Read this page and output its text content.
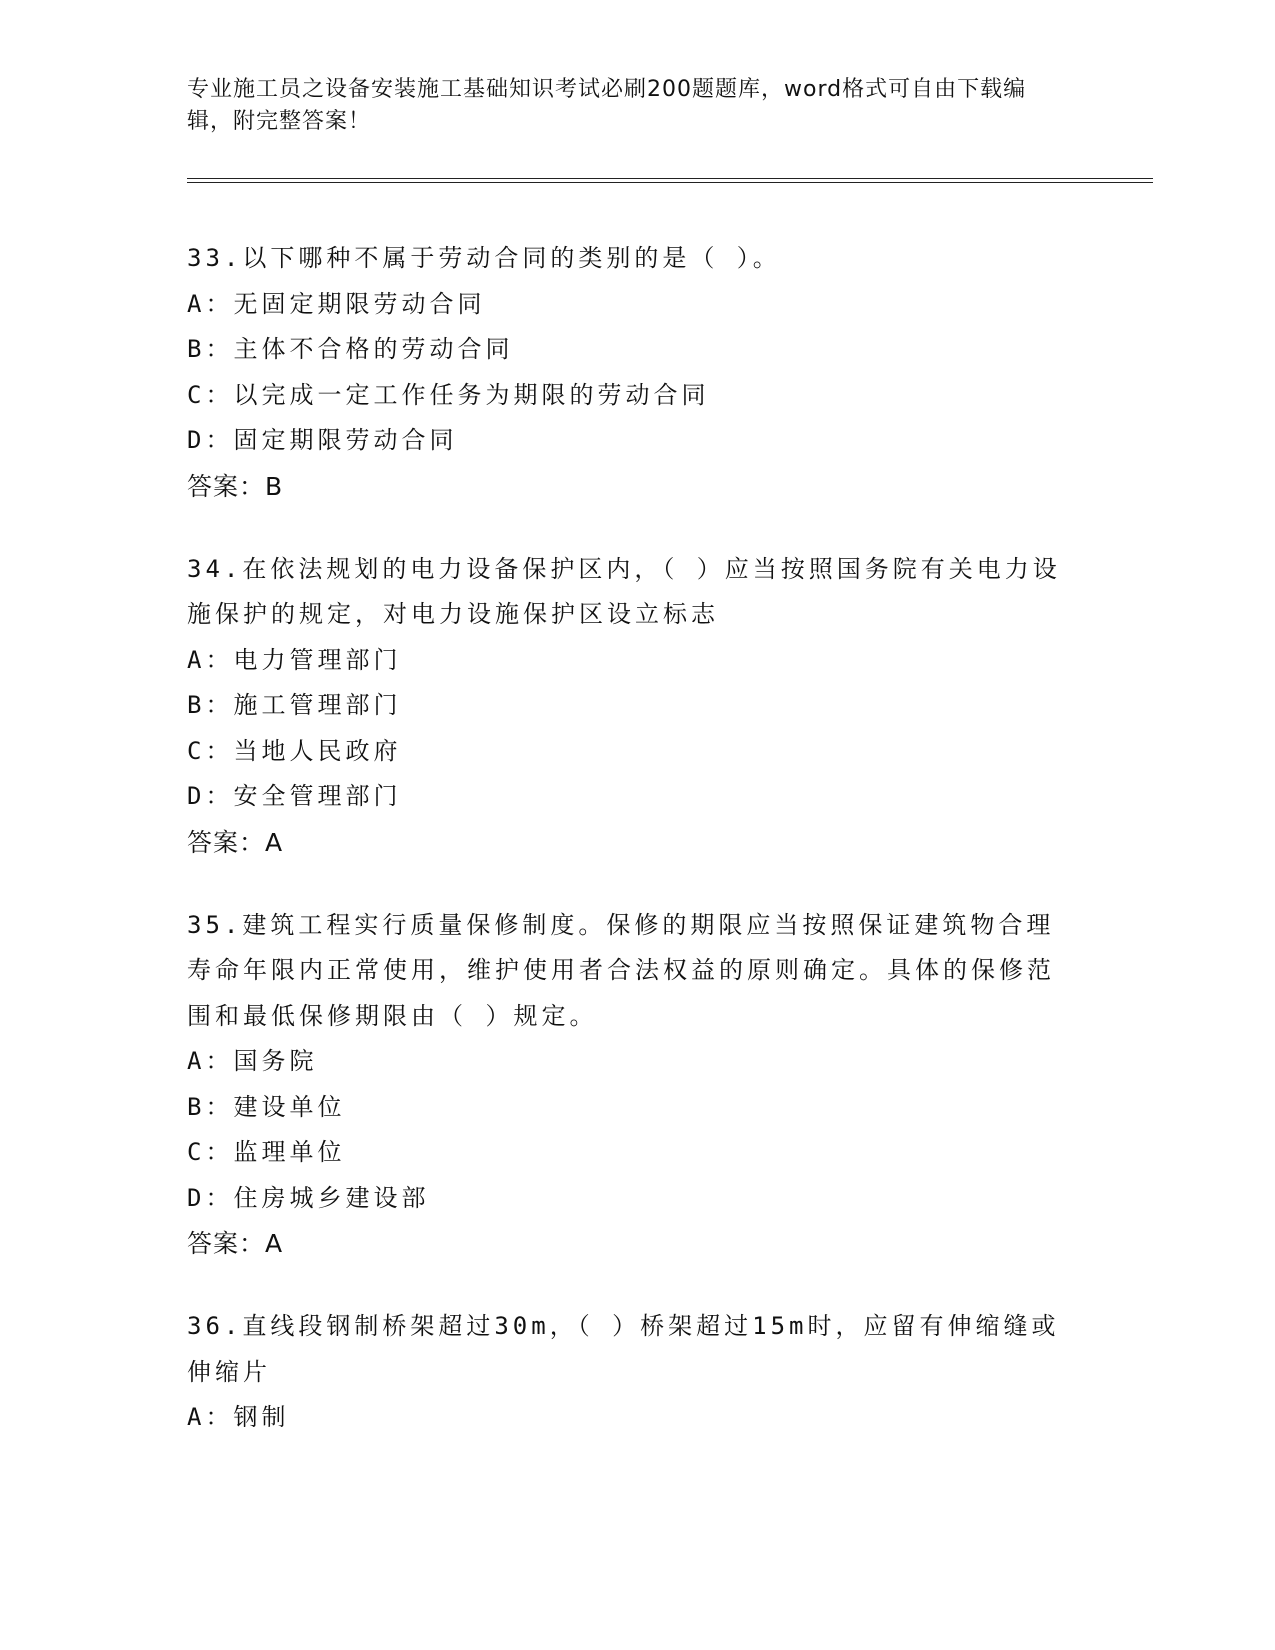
专业施工员之设备安装施工基础知识考试必刷200题题库，word格式可自由下载编辑，附完整答案！

33.以下哪种不属于劳动合同的类别的是（ ）。

A：无固定期限劳动合同
B：主体不合格的劳动合同
C：以完成一定工作任务为期限的劳动合同
D：固定期限劳动合同

答案：B

34.在依法规划的电力设备保护区内，（ ）应当按照国务院有关电力设施保护的规定，对电力设施保护区设立标志

A：电力管理部门
B：施工管理部门
C：当地人民政府
D：安全管理部门

答案：A

35.建筑工程实行质量保修制度。保修的期限应当按照保证建筑物合理寿命年限内正常使用，维护使用者合法权益的原则确定。具体的保修范围和最低保修期限由（ ）规定。

A：国务院
B：建设单位
C：监理单位
D：住房城乡建设部

答案：A

36.直线段钢制桥架超过30m，（ ）桥架超过15m时，应留有伸缩缝或伸缩片

A：钢制
